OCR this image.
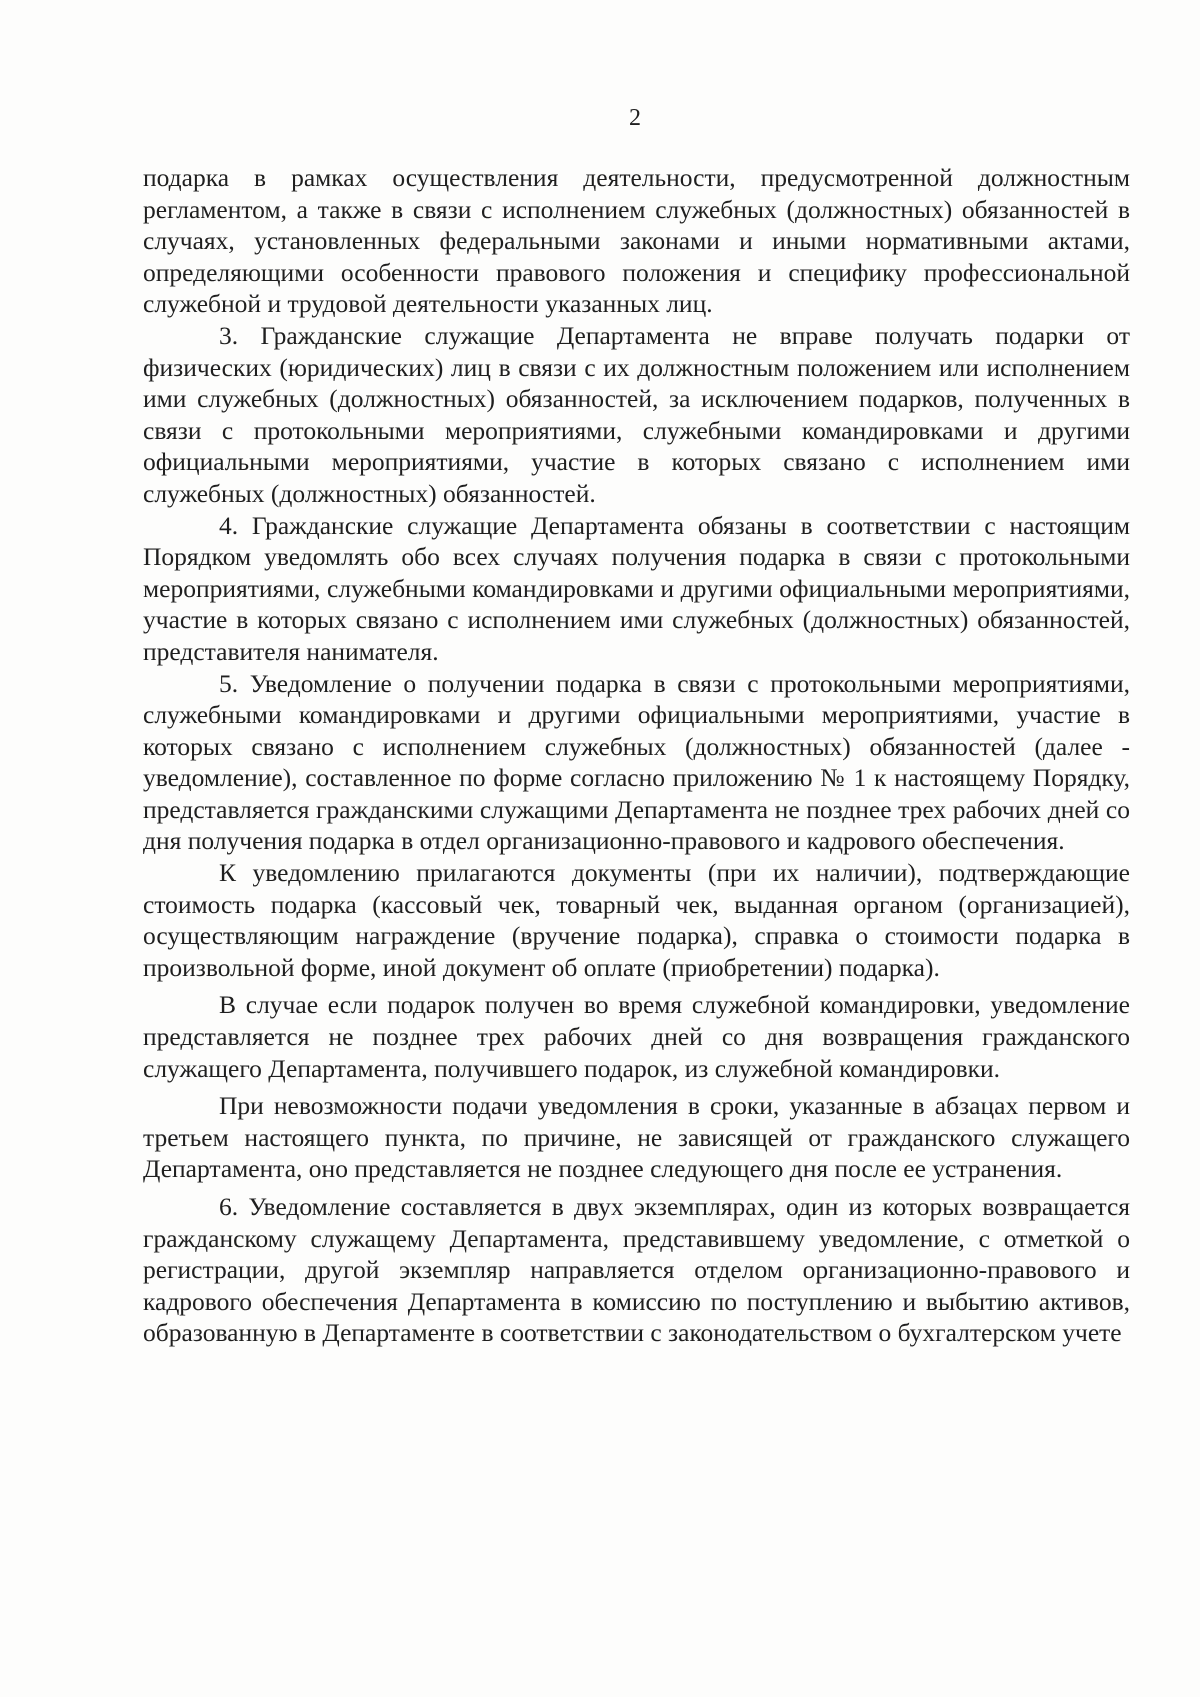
2

подарка в рамках осуществления деятельности, предусмотренной должностным регламентом, а также в связи с исполнением служебных (должностных) обязанностей в случаях, установленных федеральными законами и иными нормативными актами, определяющими особенности правового положения и специфику профессиональной служебной и трудовой деятельности указанных лиц.

3. Гражданские служащие Департамента не вправе получать подарки от физических (юридических) лиц в связи с их должностным положением или исполнением ими служебных (должностных) обязанностей, за исключением подарков, полученных в связи с протокольными мероприятиями, служебными командировками и другими официальными мероприятиями, участие в которых связано с исполнением ими служебных (должностных) обязанностей.

4. Гражданские служащие Департамента обязаны в соответствии с настоящим Порядком уведомлять обо всех случаях получения подарка в связи с протокольными мероприятиями, служебными командировками и другими официальными мероприятиями, участие в которых связано с исполнением ими служебных (должностных) обязанностей, представителя нанимателя.

5. Уведомление о получении подарка в связи с протокольными мероприятиями, служебными командировками и другими официальными мероприятиями, участие в которых связано с исполнением служебных (должностных) обязанностей (далее - уведомление), составленное по форме согласно приложению № 1 к настоящему Порядку, представляется гражданскими служащими Департамента не позднее трех рабочих дней со дня получения подарка в отдел организационно-правового и кадрового обеспечения.

К уведомлению прилагаются документы (при их наличии), подтверждающие стоимость подарка (кассовый чек, товарный чек, выданная органом (организацией), осуществляющим награждение (вручение подарка), справка о стоимости подарка в произвольной форме, иной документ об оплате (приобретении) подарка).

В случае если подарок получен во время служебной командировки, уведомление представляется не позднее трех рабочих дней со дня возвращения гражданского служащего Департамента, получившего подарок, из служебной командировки.

При невозможности подачи уведомления в сроки, указанные в абзацах первом и третьем настоящего пункта, по причине, не зависящей от гражданского служащего Департамента, оно представляется не позднее следующего дня после ее устранения.

6. Уведомление составляется в двух экземплярах, один из которых возвращается гражданскому служащему Департамента, представившему уведомление, с отметкой о регистрации, другой экземпляр направляется отделом организационно-правового и кадрового обеспечения Департамента в комиссию по поступлению и выбытию активов, образованную в Департаменте в соответствии с законодательством о бухгалтерском учете
